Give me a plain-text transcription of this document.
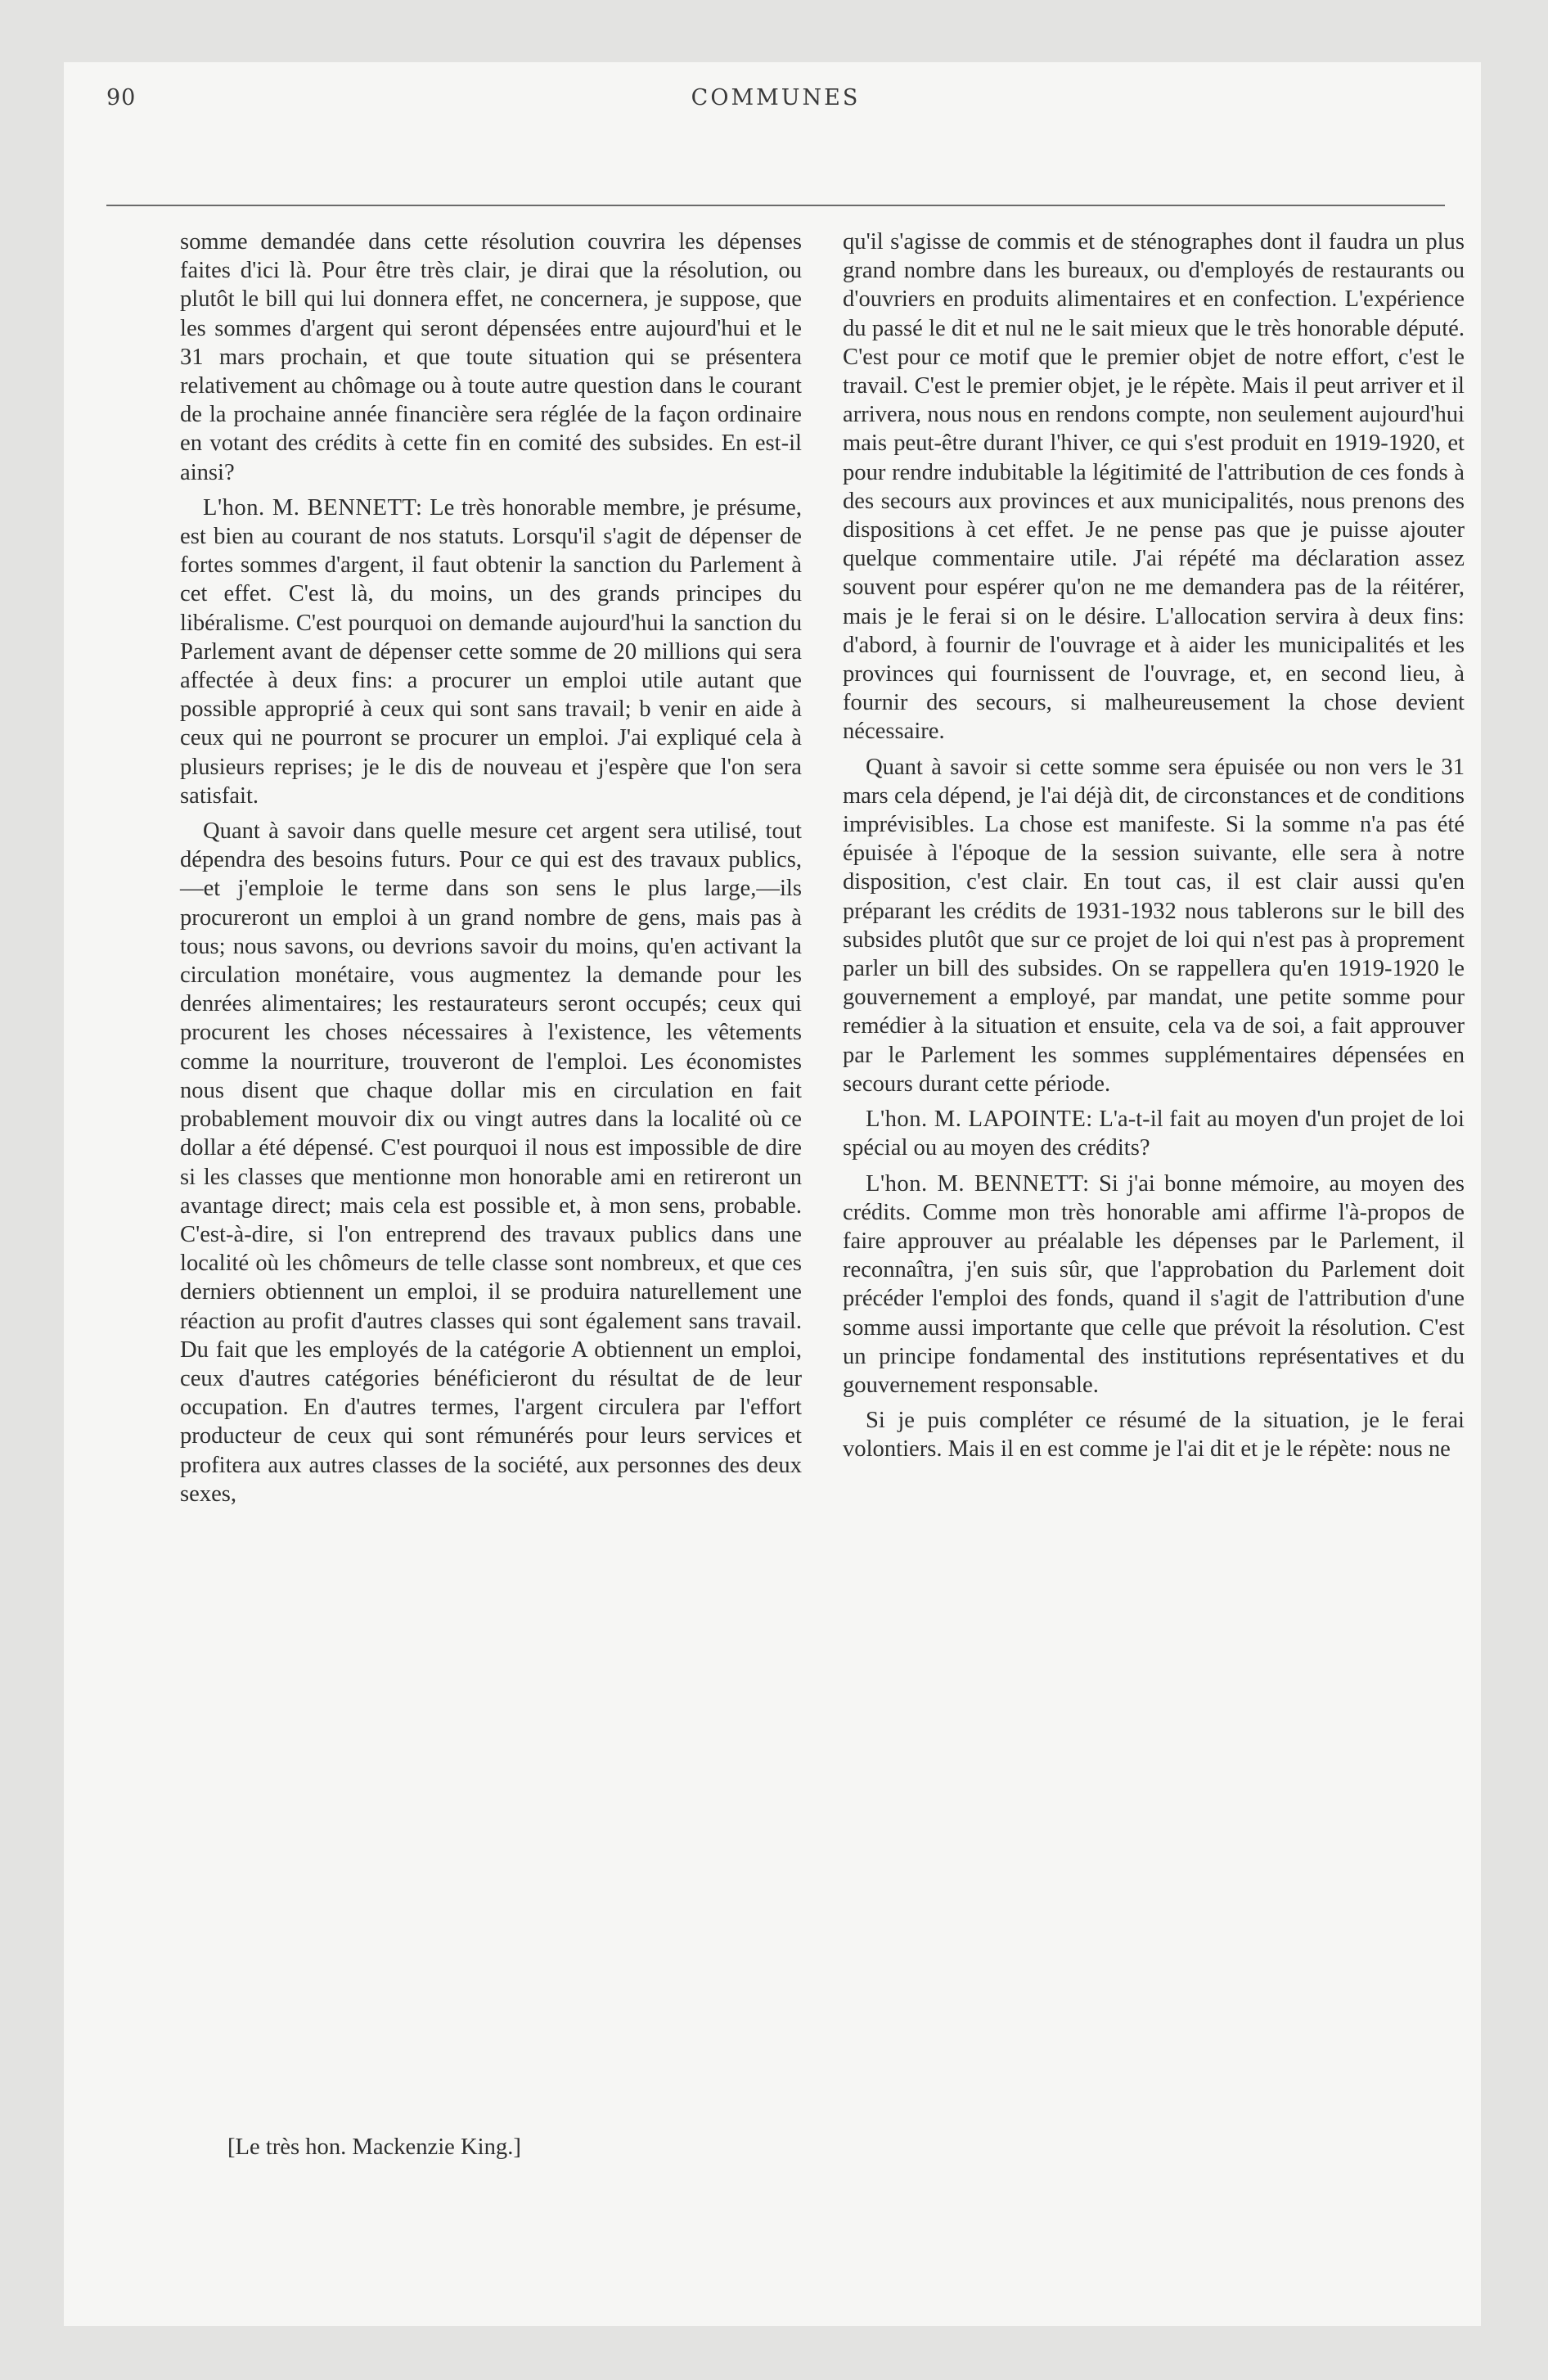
90	COMMUNES

somme demandée dans cette résolution couvrira les dépenses faites d'ici là. Pour être très clair, je dirai que la résolution, ou plutôt le bill qui lui donnera effet, ne concernera, je suppose, que les sommes d'argent qui seront dépensées entre aujourd'hui et le 31 mars prochain, et que toute situation qui se présentera relativement au chômage ou à toute autre question dans le courant de la prochaine année financière sera réglée de la façon ordinaire en votant des crédits à cette fin en comité des subsides. En est-il ainsi?

L'hon. M. BENNETT: Le très honorable membre, je présume, est bien au courant de nos statuts. Lorsqu'il s'agit de dépenser de fortes sommes d'argent, il faut obtenir la sanction du Parlement à cet effet. C'est là, du moins, un des grands principes du libéralisme. C'est pourquoi on demande aujourd'hui la sanction du Parlement avant de dépenser cette somme de 20 millions qui sera affectée à deux fins: a procurer un emploi utile autant que possible approprié à ceux qui sont sans travail; b venir en aide à ceux qui ne pourront se procurer un emploi. J'ai expliqué cela à plusieurs reprises; je le dis de nouveau et j'espère que l'on sera satisfait.

Quant à savoir dans quelle mesure cet argent sera utilisé, tout dépendra des besoins futurs. Pour ce qui est des travaux publics, —et j'emploie le terme dans son sens le plus large,—ils procureront un emploi à un grand nombre de gens, mais pas à tous; nous savons, ou devrions savoir du moins, qu'en activant la circulation monétaire, vous augmentez la demande pour les denrées alimentaires; les restaurateurs seront occupés; ceux qui procurent les choses nécessaires à l'existence, les vêtements comme la nourriture, trouveront de l'emploi. Les économistes nous disent que chaque dollar mis en circulation en fait probablement mouvoir dix ou vingt autres dans la localité où ce dollar a été dépensé. C'est pourquoi il nous est impossible de dire si les classes que mentionne mon honorable ami en retireront un avantage direct; mais cela est possible et, à mon sens, probable. C'est-à-dire, si l'on entreprend des travaux publics dans une localité où les chômeurs de telle classe sont nombreux, et que ces derniers obtiennent un emploi, il se produira naturellement une réaction au profit d'autres classes qui sont également sans travail. Du fait que les employés de la catégorie A obtiennent un emploi, ceux d'autres catégories bénéficieront du résultat de de leur occupation. En d'autres termes, l'argent circulera par l'effort producteur de ceux qui sont rémunérés pour leurs services et profitera aux autres classes de la société, aux personnes des deux sexes,

[Le très hon. Mackenzie King.]

qu'il s'agisse de commis et de sténographes dont il faudra un plus grand nombre dans les bureaux, ou d'employés de restaurants ou d'ouvriers en produits alimentaires et en confection. L'expérience du passé le dit et nul ne le sait mieux que le très honorable député. C'est pour ce motif que le premier objet de notre effort, c'est le travail. C'est le premier objet, je le répète. Mais il peut arriver et il arrivera, nous nous en rendons compte, non seulement aujourd'hui mais peut-être durant l'hiver, ce qui s'est produit en 1919-1920, et pour rendre indubitable la légitimité de l'attribution de ces fonds à des secours aux provinces et aux municipalités, nous prenons des dispositions à cet effet. Je ne pense pas que je puisse ajouter quelque commentaire utile. J'ai répété ma déclaration assez souvent pour espérer qu'on ne me demandera pas de la réitérer, mais je le ferai si on le désire. L'allocation servira à deux fins: d'abord, à fournir de l'ouvrage et à aider les municipalités et les provinces qui fournissent de l'ouvrage, et, en second lieu, à fournir des secours, si malheureusement la chose devient nécessaire.

Quant à savoir si cette somme sera épuisée ou non vers le 31 mars cela dépend, je l'ai déjà dit, de circonstances et de conditions imprévisibles. La chose est manifeste. Si la somme n'a pas été épuisée à l'époque de la session suivante, elle sera à notre disposition, c'est clair. En tout cas, il est clair aussi qu'en préparant les crédits de 1931-1932 nous tablerons sur le bill des subsides plutôt que sur ce projet de loi qui n'est pas à proprement parler un bill des subsides. On se rappellera qu'en 1919-1920 le gouvernement a employé, par mandat, une petite somme pour remédier à la situation et ensuite, cela va de soi, a fait approuver par le Parlement les sommes supplémentaires dépensées en secours durant cette période.

L'hon. M. LAPOINTE: L'a-t-il fait au moyen d'un projet de loi spécial ou au moyen des crédits?

L'hon. M. BENNETT: Si j'ai bonne mémoire, au moyen des crédits. Comme mon très honorable ami affirme l'à-propos de faire approuver au préalable les dépenses par le Parlement, il reconnaîtra, j'en suis sûr, que l'approbation du Parlement doit précéder l'emploi des fonds, quand il s'agit de l'attribution d'une somme aussi importante que celle que prévoit la résolution. C'est un principe fondamental des institutions représentatives et du gouvernement responsable.

Si je puis compléter ce résumé de la situation, je le ferai volontiers. Mais il en est comme je l'ai dit et je le répète: nous ne
